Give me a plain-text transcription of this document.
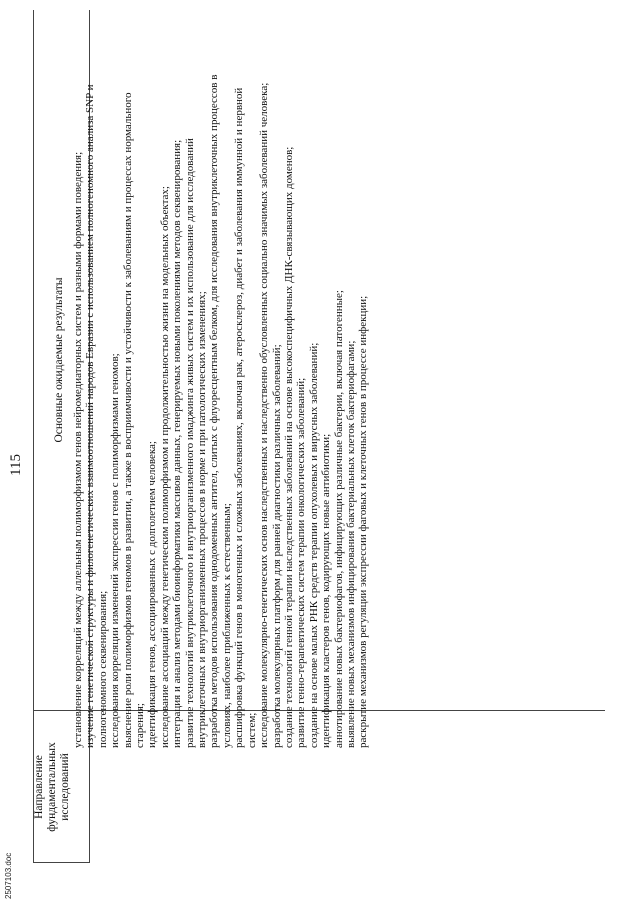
2507103.doc
115
Направление фундаментальных исследований
Основные ожидаемые результаты установление корреляций между аллельным полиморфизмом генов нейромедиаторных систем и разными формами поведения; изучение генетической структуры и филогенетических взаимоотношений народов Евразии с использованием полногеномного анализа SNP и полногеномного секвенирования; исследования корреляции изменений экспрессии генов с полиморфизмами геномов; выяснение роли полиморфизмов геномов в развитии, а также в восприимчивости и устойчивости к заболеваниям и процессах нормального старения; идентификация генов, ассоциированных с долголетием человека; исследование ассоциаций между генетическим полиморфизмом и продолжительностью жизни на модельных объектах; интеграция и анализ методами биоинформатики массивов данных, генерируемых новыми поколениями методов секвенирования; развитие технологий внутриклеточного и внутриорганизменного имаджинга живых систем и их использование для исследований внутриклеточных и внутриорганизменных процессов в норме и при патологических изменениях; разработка методов использования однодоменных антител, слитых с флуоресцентным белком, для исследования внутриклеточных процессов в условиях, наиболее приближенных к естественным; расшифровка функций генов в моногенных и сложных заболеваниях, включая рак, атеросклероз, диабет и заболевания иммунной и нервной систем; исследование молекулярно-генетических основ наследственных и наследственно обусловленных социально значимых заболеваний человека; разработка молекулярных платформ для ранней диагностики различных заболеваний; создание технологий генной терапии наследственных заболеваний на основе высокоспецифичных ДНК-связывающих доменов; развитие генно-терапевтических систем терапии онкологических заболеваний; создание на основе малых РНК средств терапии опухолевых и вирусных заболеваний; идентификация кластеров генов, кодирующих новые антибиотики; аннотирование новых бактериофагов, инфицирующих различные бактерии, включая патогенные; выявление новых механизмов инфицирования бактериальных клеток бактериофагами; раскрытие механизмов регуляции экспрессии фаговых и клеточных генов в процессе инфекции;
